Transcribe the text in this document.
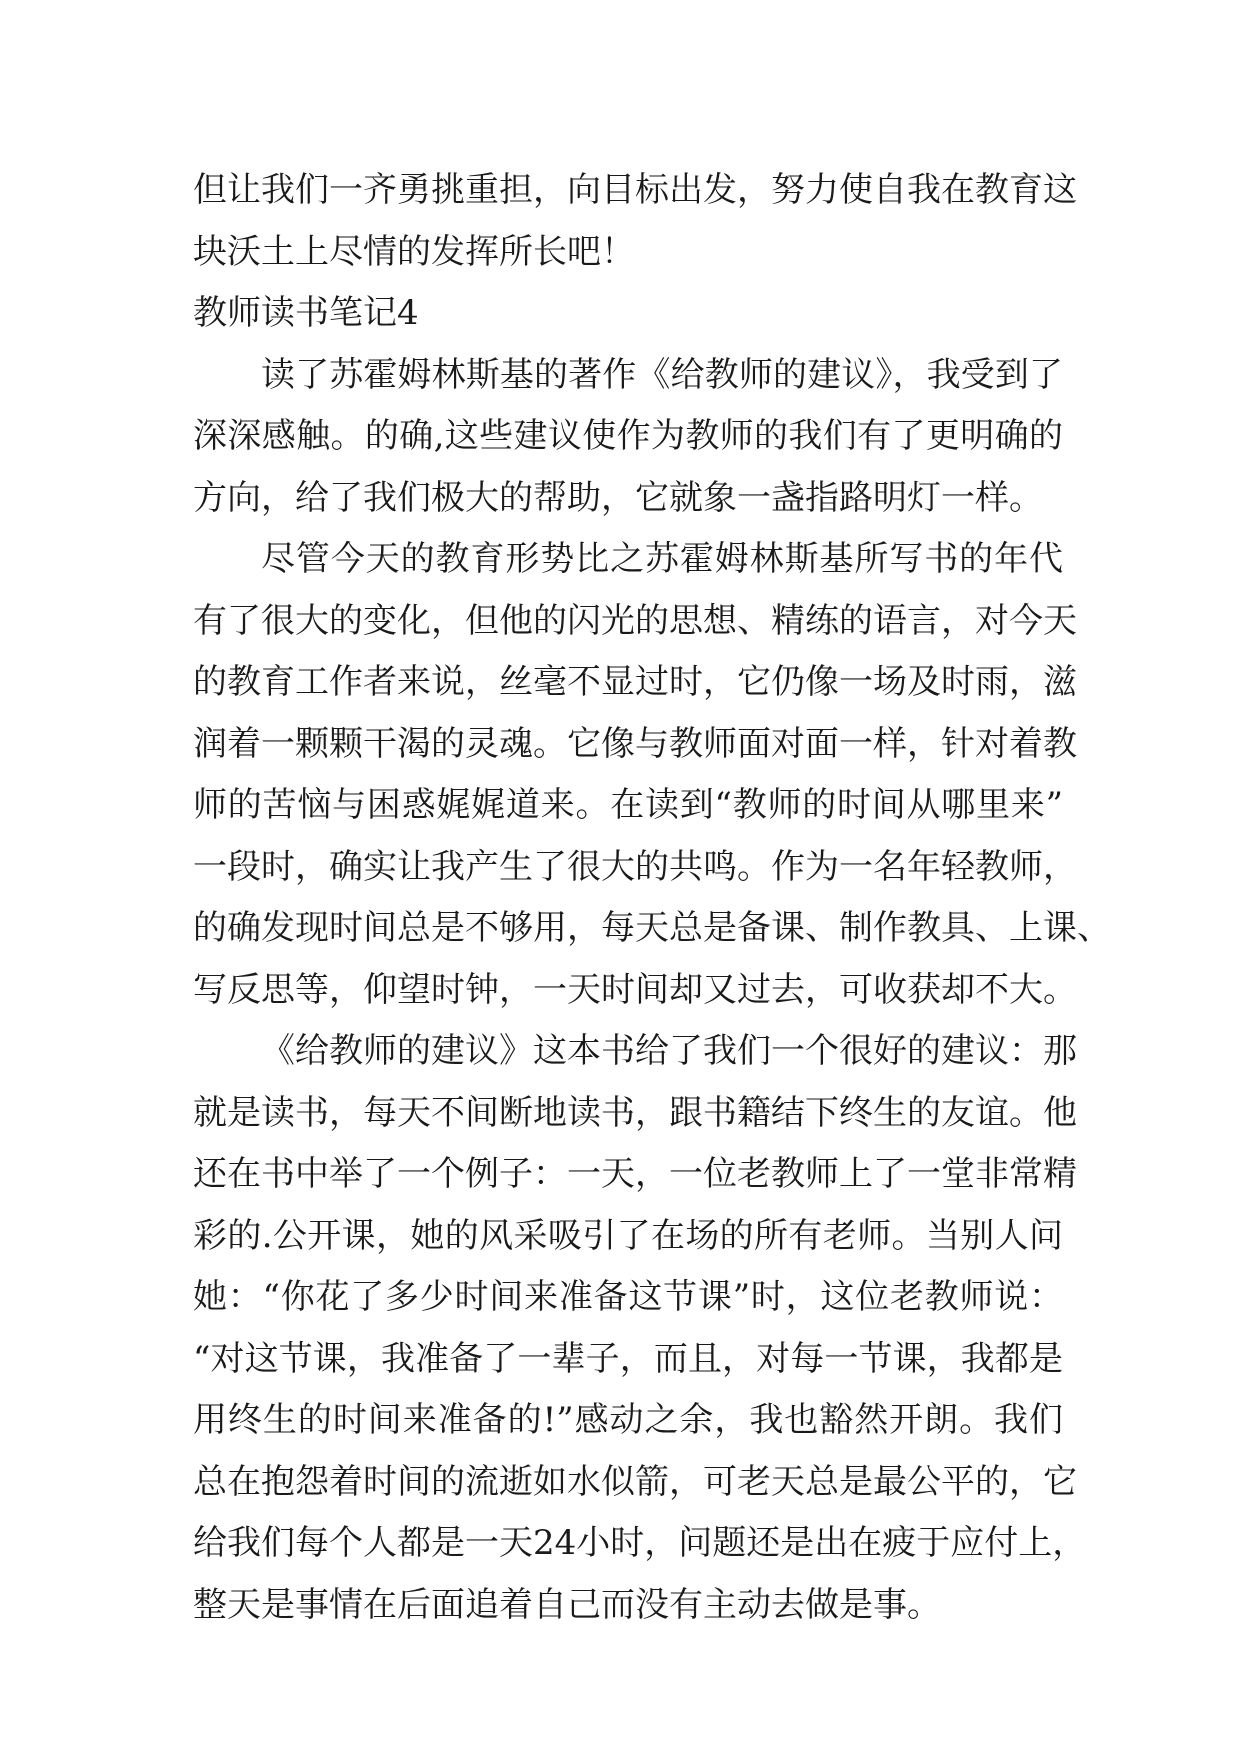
但让我们一齐勇挑重担，向目标出发，努力使自我在教育这
块沃土上尽情的发挥所长吧！
教师读书笔记4
读了苏霍姆林斯基的著作《给教师的建议》，我受到了
深深感触。的确,这些建议使作为教师的我们有了更明确的
方向，给了我们极大的帮助，它就象一盏指路明灯一样。
尽管今天的教育形势比之苏霍姆林斯基所写书的年代
有了很大的变化，但他的闪光的思想、精练的语言，对今天
的教育工作者来说，丝毫不显过时，它仍像一场及时雨，滋
润着一颗颗干渴的灵魂。它像与教师面对面一样，针对着教
师的苦恼与困惑娓娓道来。在读到“教师的时间从哪里来”
一段时，确实让我产生了很大的共鸣。作为一名年轻教师，
的确发现时间总是不够用，每天总是备课、制作教具、上课、
写反思等，仰望时钟，一天时间却又过去，可收获却不大。
《给教师的建议》这本书给了我们一个很好的建议：那
就是读书，每天不间断地读书，跟书籍结下终生的友谊。他
还在书中举了一个例子：一天，一位老教师上了一堂非常精
彩的.公开课，她的风采吸引了在场的所有老师。当别人问
她：“你花了多少时间来准备这节课”时，这位老教师说：
“对这节课，我准备了一辈子，而且，对每一节课，我都是
用终生的时间来准备的!”感动之余，我也豁然开朗。我们
总在抱怨着时间的流逝如水似箭，可老天总是最公平的，它
给我们每个人都是一天24小时，问题还是出在疲于应付上，
整天是事情在后面追着自己而没有主动去做是事。
